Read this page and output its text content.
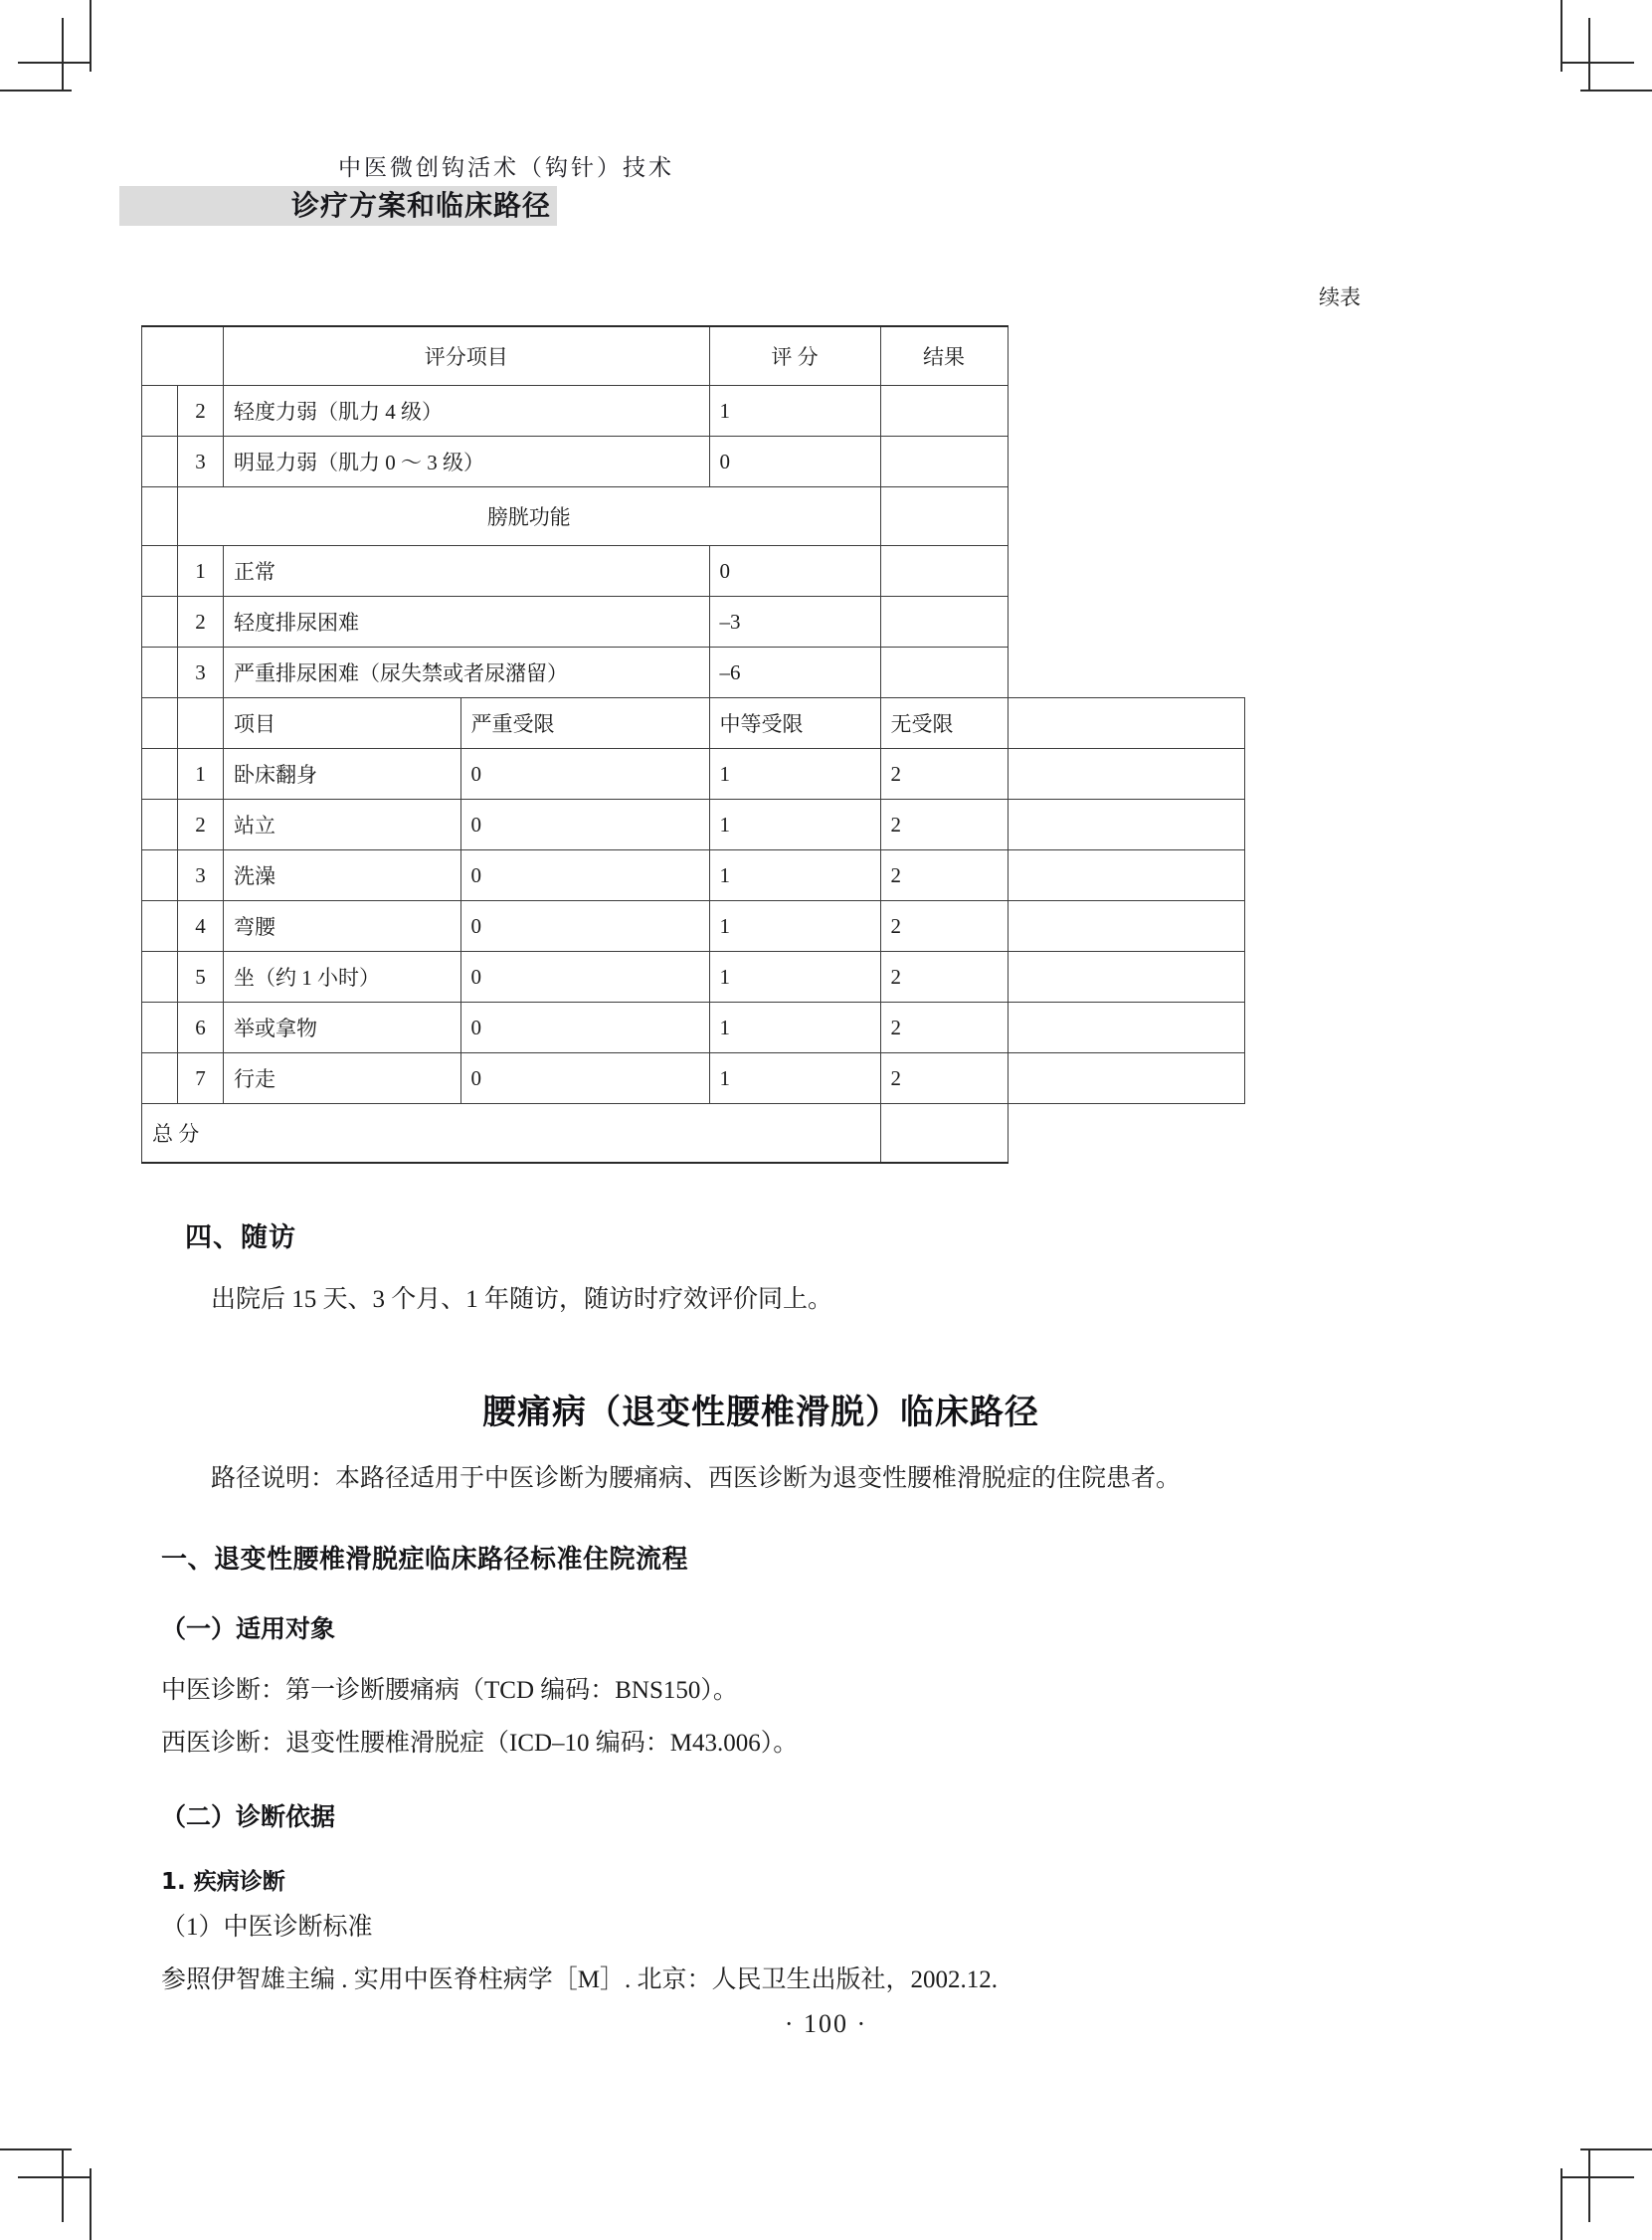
中医微创钩活术（钩针）技术
诊疗方案和临床路径
续表
		评分项目		评 分	结果	
	2	轻度力弱（肌力 4 级）		1		
	3	明显力弱（肌力 0 ～ 3 级）		0		
	膀胱功能					
	1	正常		0		
	2	轻度排尿困难		–3		
	3	严重排尿困难（尿失禁或者尿潴留）		–6		
		项目	严重受限	中等受限	无受限	
	1	卧床翻身	0	1	2	
	2	站立	0	1	2	
	3	洗澡	0	1	2	
	4	弯腰	0	1	2	
	5	坐（约 1 小时）	0	1	2	
	6	举或拿物	0	1	2	
	7	行走	0	1	2	
总 分						
四、随访
出院后 15 天、3 个月、1 年随访，随访时疗效评价同上。
腰痛病（退变性腰椎滑脱）临床路径
路径说明：本路径适用于中医诊断为腰痛病、西医诊断为退变性腰椎滑脱症的住院患者。
一、退变性腰椎滑脱症临床路径标准住院流程
（一）适用对象
中医诊断：第一诊断腰痛病（TCD 编码：BNS150）。
西医诊断：退变性腰椎滑脱症（ICD–10 编码：M43.006）。
（二）诊断依据
1. 疾病诊断
（1）中医诊断标准
参照伊智雄主编 . 实用中医脊柱病学［M］. 北京：人民卫生出版社，2002.12.
· 100 ·
